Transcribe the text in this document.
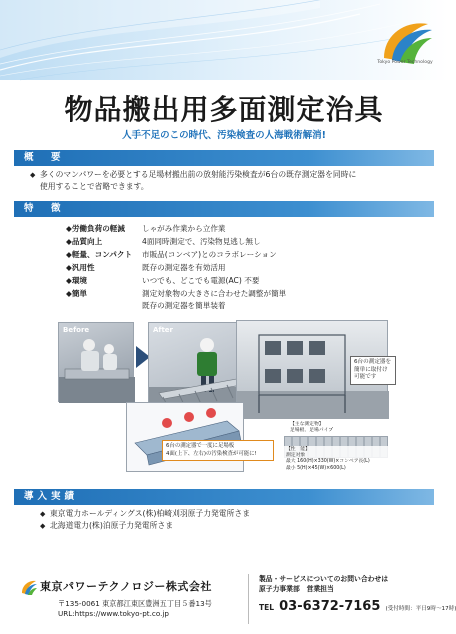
Tokyo Power Technology
物品搬出用多面測定治具
人手不足のこの時代、汚染検査の人海戦術解消!
概　要
◆ 多くのマンパワーを必要とする足場材搬出前の放射能汚染検査が6台の既存測定器を同時に
使用することで省略できます。
特　徴
◆労働負荷の軽減 しゃがみ作業から立作業
◆品質向上	4面同時測定で、汚染物見逃し無し
◆軽量、コンパクト 市販品(コンベア)とのコラボレーション
◆汎用性	既存の測定器を有効活用
◆環境	いつでも、どこでも電源(AC) 不要
◆簡単	測定対象物の大きさに合わせた調整が簡単
既存の測定器を簡単装着
Before	After
6台の測定器を
簡単に取付け
可能です
6台の測定器で一度に足場板
4面(上下、左右)の汚染検査が可能に!
【主な測定物】
足場板、足場パイプ
【性　能】
測定対象
最大 160(H)×330(W)×コンベア長(L)
最小 5(H)×45(W)×600(L)
導入実績
◆ 東京電力ホールディングス(株)柏崎刈羽原子力発電所さま
◆ 北海道電力(株)泊原子力発電所さま
東京パワーテクノロジー株式会社
〒135-0061 東京都江東区豊洲五丁目５番13号
URL:https://www.tokyo-pt.co.jp
製品・サービスについてのお問い合わせは
原子力事業部　営業担当
TEL 03-6372-7165 (受付時間：平日9時～17時)
